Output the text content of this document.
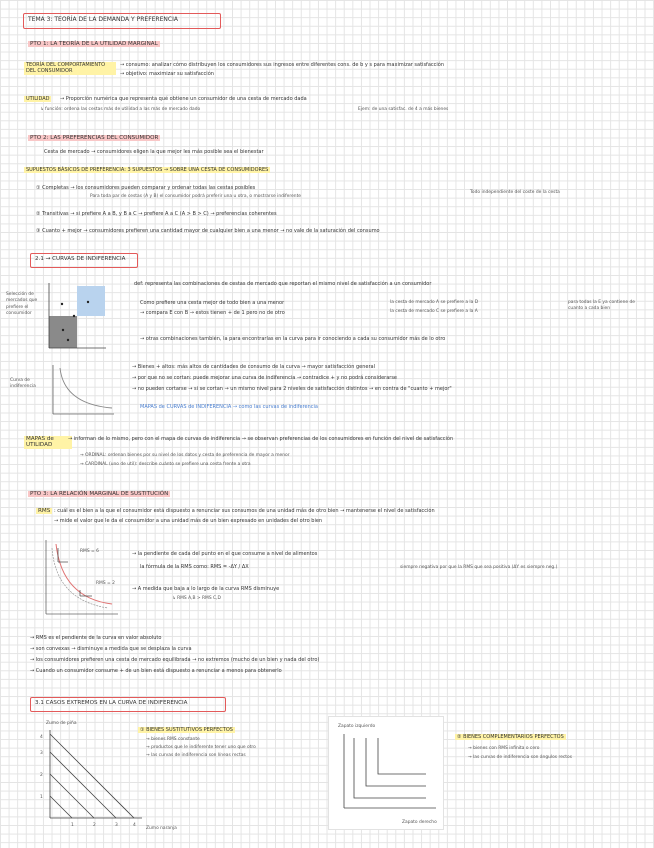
TEMA 3: TEORÍA DE LA DEMANDA Y PREFERENCIA
PTO 1: LA TEORÍA DE LA UTILIDAD MARGINAL
TEORÍA DEL COMPORTAMIENTO DEL CONSUMIDOR
→ consumo: analizar cómo distribuyen los consumidores sus ingresos entre diferentes cons. de b y s para maximizar satisfacción
→ objetivo: maximizar su satisfacción
UTILIDAD	→ Proporción numérica que representa qué obtiene un consumidor de una cesta de mercado dada
↳ función: ordena las cestas más de utilidad a las más de mercado dado	Ejem: de una satisfac. de 4 a más bienes
PTO 2: LAS PREFERENCIAS DEL CONSUMIDOR
Cesta de mercado → consumidores eligen la que mejor les más posible sea el bienestar
SUPUESTOS BÁSICOS DE PREFERENCIA: 3 SUPUESTOS → SOBRE UNA CESTA DE CONSUMIDORES
① Completas → los consumidores pueden comparar y ordenar todas las cestas posibles
Para toda par de cestas (A y B) el consumidor podrá preferir una u otra, o mostrarse indiferente
Todo independiente del coste de la cesta
② Transitivas → si prefiere A a B, y B a C → prefiere A a C (A > B > C) → preferencias coherentes
③ Cuanto + mejor → consumidores prefieren una cantidad mayor de cualquier bien a una menor → no vale de la saturación del consumo
2.1 → CURVAS DE INDIFERENCIA
Selección de mercados que prefiere el consumidor
Curva de indiferencia
def: representa las combinaciones de cestas de mercado que reportan el mismo nivel de satisfacción a un consumidor
Como prefiere una cesta mejor de todo bien a una menor	la cesta de mercado A se prefiere a la D
la cesta de mercado C se prefiere a la A
para todas la E ya contiene de cuanto a cada bien
→ compara E con B → estos tienen + de 1 pero no de otro
→ otras combinaciones también, la para encontrarlas en la curva para ir conociendo a cada su consumidor más de lo otro
→ Bienes + altos: más altos de cantidades de consumo de la curva → mayor satisfacción general
→ por que no se cortan: puede mejorar una curva de indiferencia → contradice + y no podrá considerarse
→ no pueden cortarse → si se cortan → un mismo nivel para 2 niveles de satisfacción distintos → en contra de "cuanto + mejor"
MAPAS de CURVAS de INDIFERENCIA → como las curvas de indiferencia
MAPAS de UTILIDAD
→ informan de lo mismo, pero con el mapa de curvas de indiferencia → se observan preferencias de los consumidores en función del nivel de satisfacción
→ ORDINAL: ordenan bienes por su nivel de los datos y cesta de preferencia de mayor a menor
→ CARDINAL (uno de util): describe cuánto se prefiere una cesta frente a otra
PTO 3: LA RELACIÓN MARGINAL DE SUSTITUCIÓN
RMS : cuál es el bien a la que el consumidor está dispuesto a renunciar sus consumos de una unidad más de otro bien → mantenerse el nivel de satisfacción
→ mide el valor que le da el consumidor a una unidad más de un bien expresado en unidades del otro bien
RMS = 6
RMS = 2
→ la pendiente de cada del punto en el que consume a nivel de alimentos
la fórmula de la RMS como: RMS = -ΔY / ΔX	siempre negativa por que la RMS que sea positiva (ΔY es siempre neg.)
→ A medida que baja a lo largo de la curva RMS disminuye
↳ RMS A,B > RMS C,D
→ RMS es el pendiente de la curva en valor absoluto
→ son convexas → disminuye a medida que se desplaza la curva
→ los consumidores prefieren una cesta de mercado equilibrada → no extremos (mucho de un bien y nada del otro)
→ Cuando un consumidor consume + de un bien está dispuesto a renunciar a menos para obtenerlo
3.1 CASOS EXTREMOS EN LA CURVA DE INDIFERENCIA
Zumo de piña
4
3
2
1
1	2	3	4
Zumo naranja
① BIENES SUSTITUTIVOS PERFECTOS
→ bienes RMS constante
→ productos que le indiferente tener uno que otro
→ las curvas de indiferencia son líneas rectas
Zapato izquierdo
Zapato derecho
② BIENES COMPLEMENTARIOS PERFECTOS
→ bienes con RMS infinita o cero
→ las curvas de indiferencia son ángulos rectos
